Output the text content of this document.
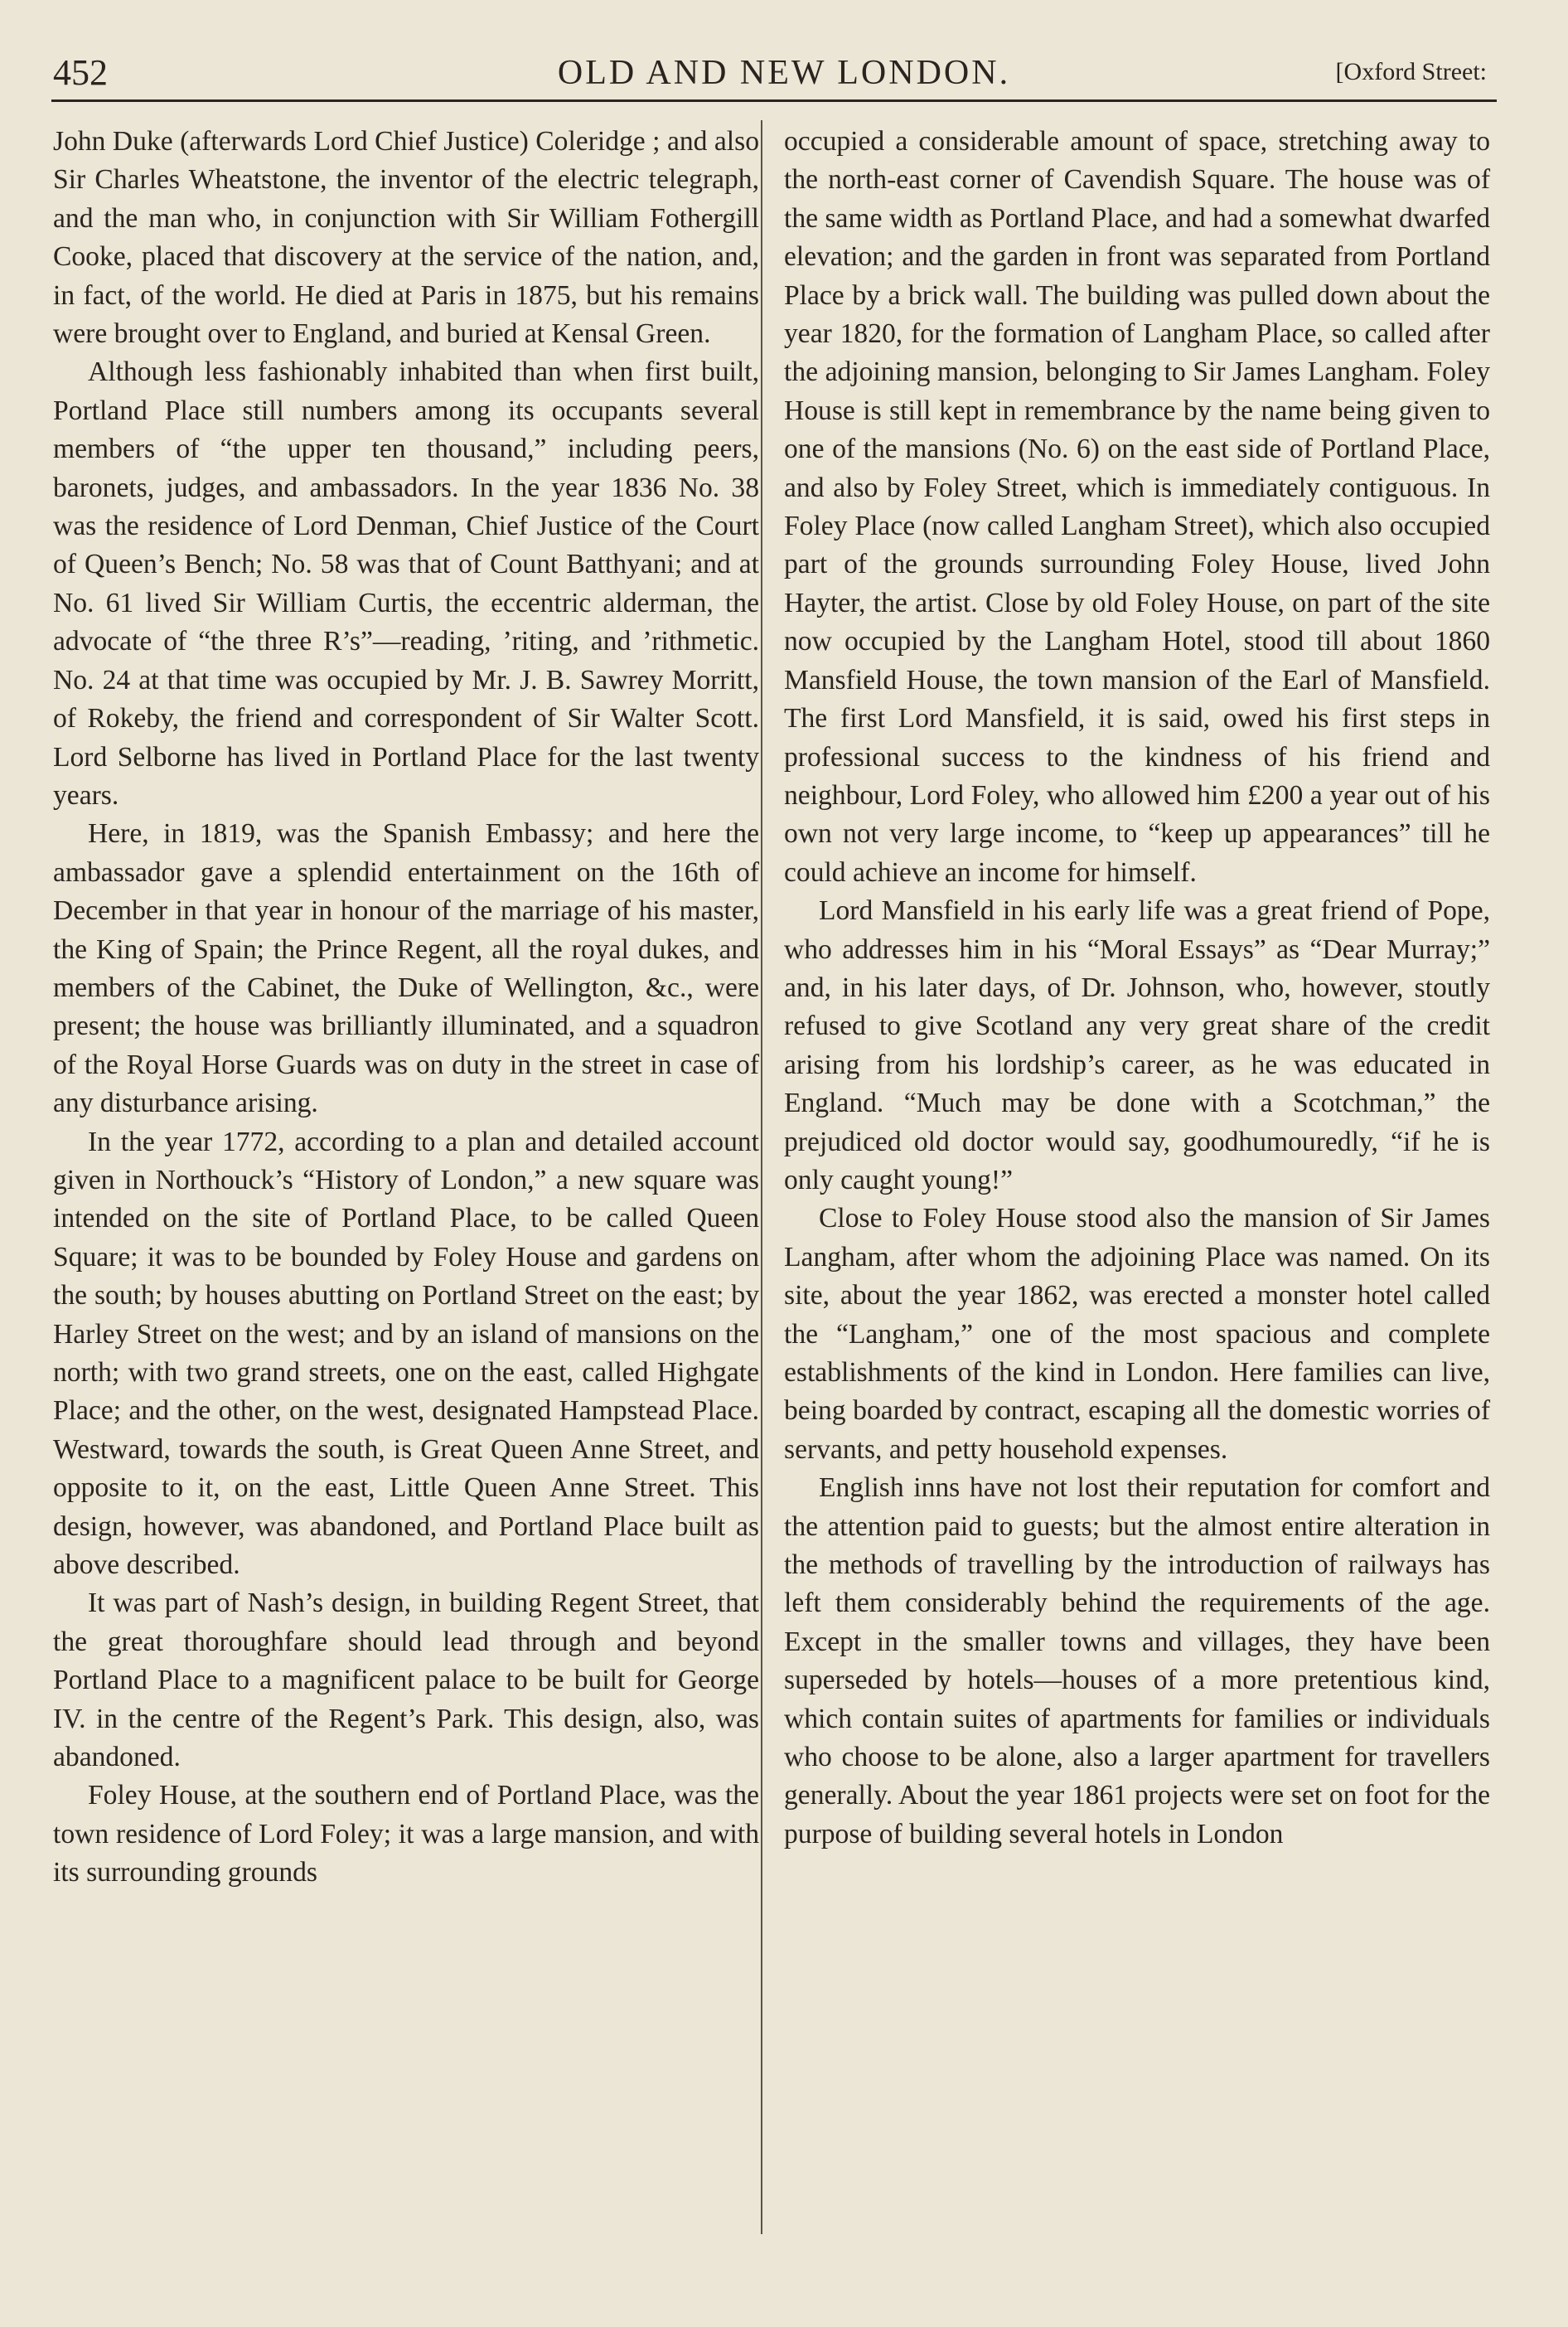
452	OLD AND NEW LONDON.	[Oxford Street:

John Duke (afterwards Lord Chief Justice) Coleridge ; and also Sir Charles Wheatstone, the inventor of the electric telegraph, and the man who, in conjunction with Sir William Fothergill Cooke, placed that discovery at the service of the nation, and, in fact, of the world. He died at Paris in 1875, but his remains were brought over to England, and buried at Kensal Green.

Although less fashionably inhabited than when first built, Portland Place still numbers among its occupants several members of “the upper ten thousand,” including peers, baronets, judges, and ambassadors. In the year 1836 No. 38 was the residence of Lord Denman, Chief Justice of the Court of Queen’s Bench; No. 58 was that of Count Batthyani; and at No. 61 lived Sir William Curtis, the eccentric alderman, the advocate of “the three R’s”—reading, ’riting, and ’rithmetic. No. 24 at that time was occupied by Mr. J. B. Sawrey Morritt, of Rokeby, the friend and correspondent of Sir Walter Scott. Lord Selborne has lived in Portland Place for the last twenty years.

Here, in 1819, was the Spanish Embassy; and here the ambassador gave a splendid entertainment on the 16th of December in that year in honour of the marriage of his master, the King of Spain; the Prince Regent, all the royal dukes, and members of the Cabinet, the Duke of Wellington, &c., were present; the house was brilliantly illuminated, and a squadron of the Royal Horse Guards was on duty in the street in case of any disturbance arising.

In the year 1772, according to a plan and detailed account given in Northouck’s “History of London,” a new square was intended on the site of Portland Place, to be called Queen Square; it was to be bounded by Foley House and gardens on the south; by houses abutting on Portland Street on the east; by Harley Street on the west; and by an island of mansions on the north; with two grand streets, one on the east, called Highgate Place; and the other, on the west, designated Hampstead Place. Westward, towards the south, is Great Queen Anne Street, and opposite to it, on the east, Little Queen Anne Street. This design, however, was abandoned, and Portland Place built as above described.

It was part of Nash’s design, in building Regent Street, that the great thoroughfare should lead through and beyond Portland Place to a magnificent palace to be built for George IV. in the centre of the Regent’s Park. This design, also, was abandoned.

Foley House, at the southern end of Portland Place, was the town residence of Lord Foley; it was a large mansion, and with its surrounding grounds

occupied a considerable amount of space, stretching away to the north-east corner of Cavendish Square. The house was of the same width as Portland Place, and had a somewhat dwarfed elevation; and the garden in front was separated from Portland Place by a brick wall. The building was pulled down about the year 1820, for the formation of Langham Place, so called after the adjoining mansion, belonging to Sir James Langham. Foley House is still kept in remembrance by the name being given to one of the mansions (No. 6) on the east side of Portland Place, and also by Foley Street, which is immediately contiguous. In Foley Place (now called Langham Street), which also occupied part of the grounds surrounding Foley House, lived John Hayter, the artist. Close by old Foley House, on part of the site now occupied by the Langham Hotel, stood till about 1860 Mansfield House, the town mansion of the Earl of Mansfield. The first Lord Mansfield, it is said, owed his first steps in professional success to the kindness of his friend and neighbour, Lord Foley, who allowed him £200 a year out of his own not very large income, to “keep up appearances” till he could achieve an income for himself.

Lord Mansfield in his early life was a great friend of Pope, who addresses him in his “Moral Essays” as “Dear Murray;” and, in his later days, of Dr. Johnson, who, however, stoutly refused to give Scotland any very great share of the credit arising from his lordship’s career, as he was educated in England. “Much may be done with a Scotchman,” the prejudiced old doctor would say, goodhumouredly, “if he is only caught young!”

Close to Foley House stood also the mansion of Sir James Langham, after whom the adjoining Place was named. On its site, about the year 1862, was erected a monster hotel called the “Langham,” one of the most spacious and complete establishments of the kind in London. Here families can live, being boarded by contract, escaping all the domestic worries of servants, and petty household expenses.

English inns have not lost their reputation for comfort and the attention paid to guests; but the almost entire alteration in the methods of travelling by the introduction of railways has left them considerably behind the requirements of the age. Except in the smaller towns and villages, they have been superseded by hotels—houses of a more pretentious kind, which contain suites of apartments for families or individuals who choose to be alone, also a larger apartment for travellers generally. About the year 1861 projects were set on foot for the purpose of building several hotels in London
